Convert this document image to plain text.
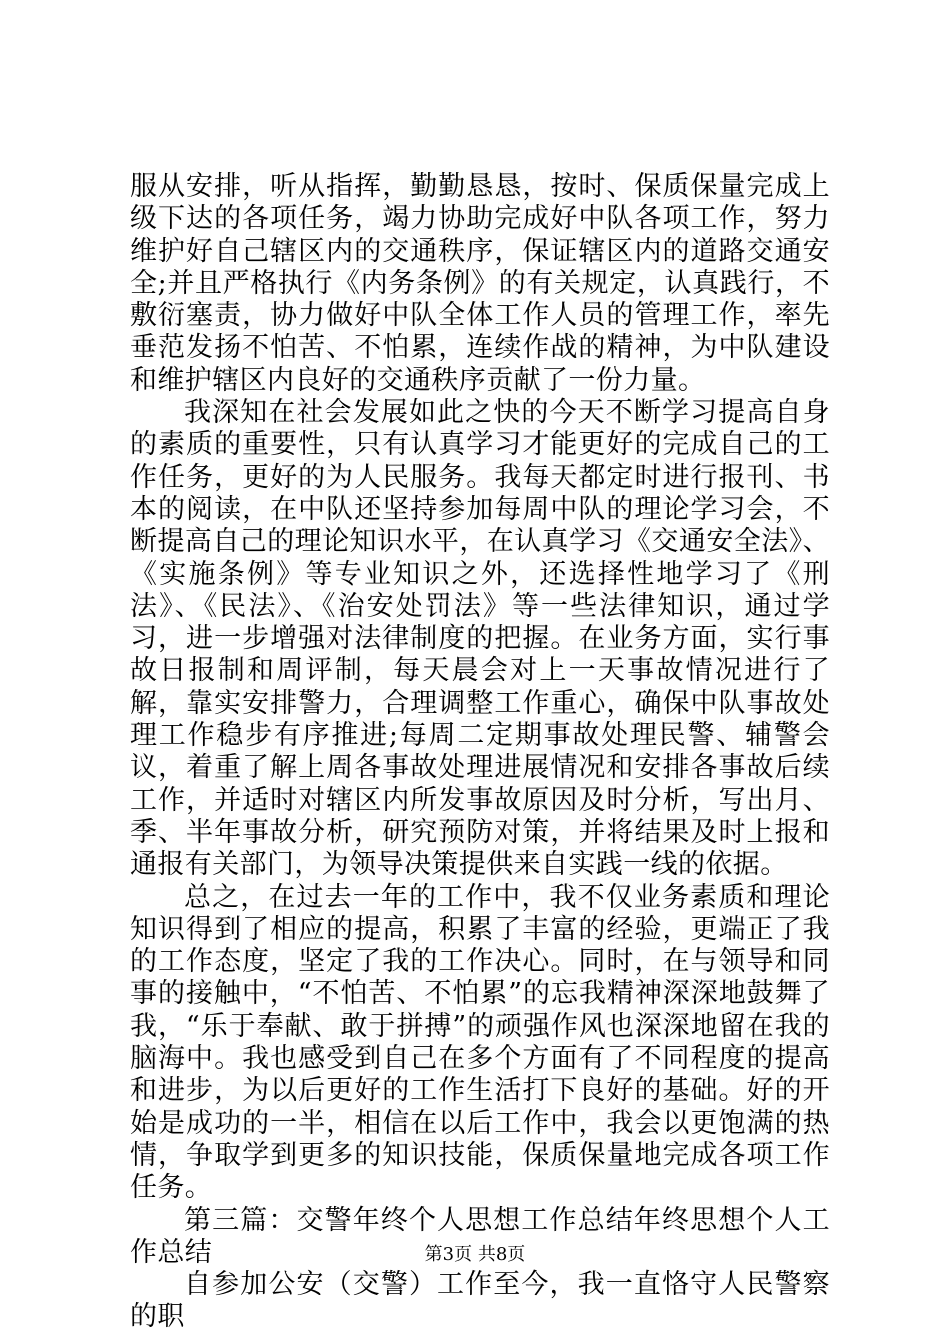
服从安排，听从指挥，勤勤恳恳，按时、保质保量完成上级下达的各项任务，竭力协助完成好中队各项工作，努力维护好自己辖区内的交通秩序，保证辖区内的道路交通安全;并且严格执行《内务条例》的有关规定，认真践行，不敷衍塞责，协力做好中队全体工作人员的管理工作，率先垂范发扬不怕苦、不怕累，连续作战的精神，为中队建设和维护辖区内良好的交通秩序贡献了一份力量。

我深知在社会发展如此之快的今天不断学习提高自身的素质的重要性，只有认真学习才能更好的完成自己的工作任务，更好的为人民服务。我每天都定时进行报刊、书本的阅读，在中队还坚持参加每周中队的理论学习会，不断提高自己的理论知识水平，在认真学习《交通安全法》、《实施条例》等专业知识之外，还选择性地学习了《刑法》、《民法》、《治安处罚法》等一些法律知识，通过学习，进一步增强对法律制度的把握。在业务方面，实行事故日报制和周评制，每天晨会对上一天事故情况进行了解，靠实安排警力，合理调整工作重心，确保中队事故处理工作稳步有序推进;每周二定期事故处理民警、辅警会议，着重了解上周各事故处理进展情况和安排各事故后续工作，并适时对辖区内所发事故原因及时分析，写出月、季、半年事故分析，研究预防对策，并将结果及时上报和通报有关部门，为领导决策提供来自实践一线的依据。

总之，在过去一年的工作中，我不仅业务素质和理论知识得到了相应的提高，积累了丰富的经验，更端正了我的工作态度，坚定了我的工作决心。同时，在与领导和同事的接触中，“不怕苦、不怕累”的忘我精神深深地鼓舞了我，“乐于奉献、敢于拼搏”的顽强作风也深深地留在我的脑海中。我也感受到自己在多个方面有了不同程度的提高和进步，为以后更好的工作生活打下良好的基础。好的开始是成功的一半，相信在以后工作中，我会以更饱满的热情，争取学到更多的知识技能，保质保量地完成各项工作任务。

第三篇：交警年终个人思想工作总结年终思想个人工作总结

自参加公安（交警）工作至今，我一直恪守人民警察的职

第3页 共8页
